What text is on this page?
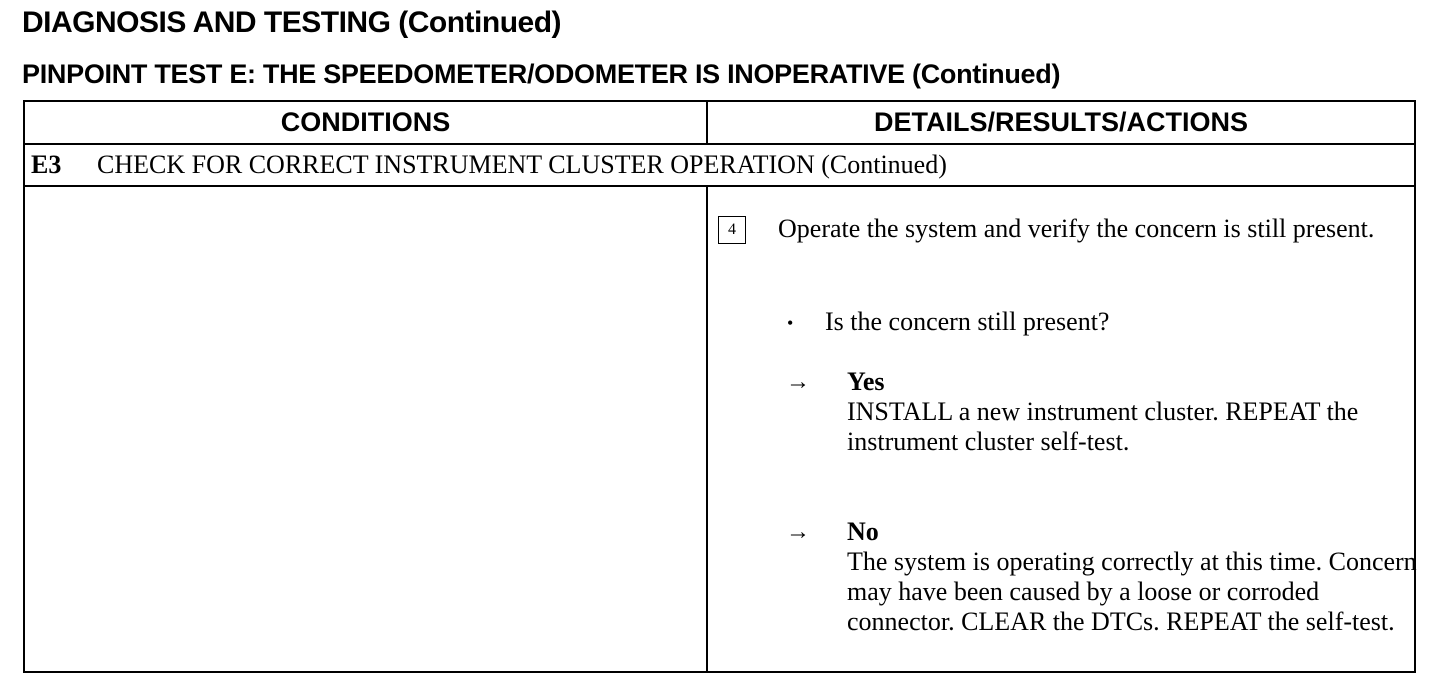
DIAGNOSIS AND TESTING (Continued)
PINPOINT TEST E: THE SPEEDOMETER/ODOMETER IS INOPERATIVE (Continued)
CONDITIONS	DETAILS/RESULTS/ACTIONS
E3 CHECK FOR CORRECT INSTRUMENT CLUSTER OPERATION (Continued)
4	Operate the system and verify the concern is still present.
• Is the concern still present?
→ Yes
INSTALL a new instrument cluster. REPEAT the instrument cluster self-test.
→ No
The system is operating correctly at this time. Concern may have been caused by a loose or corroded connector. CLEAR the DTCs. REPEAT the self-test.
